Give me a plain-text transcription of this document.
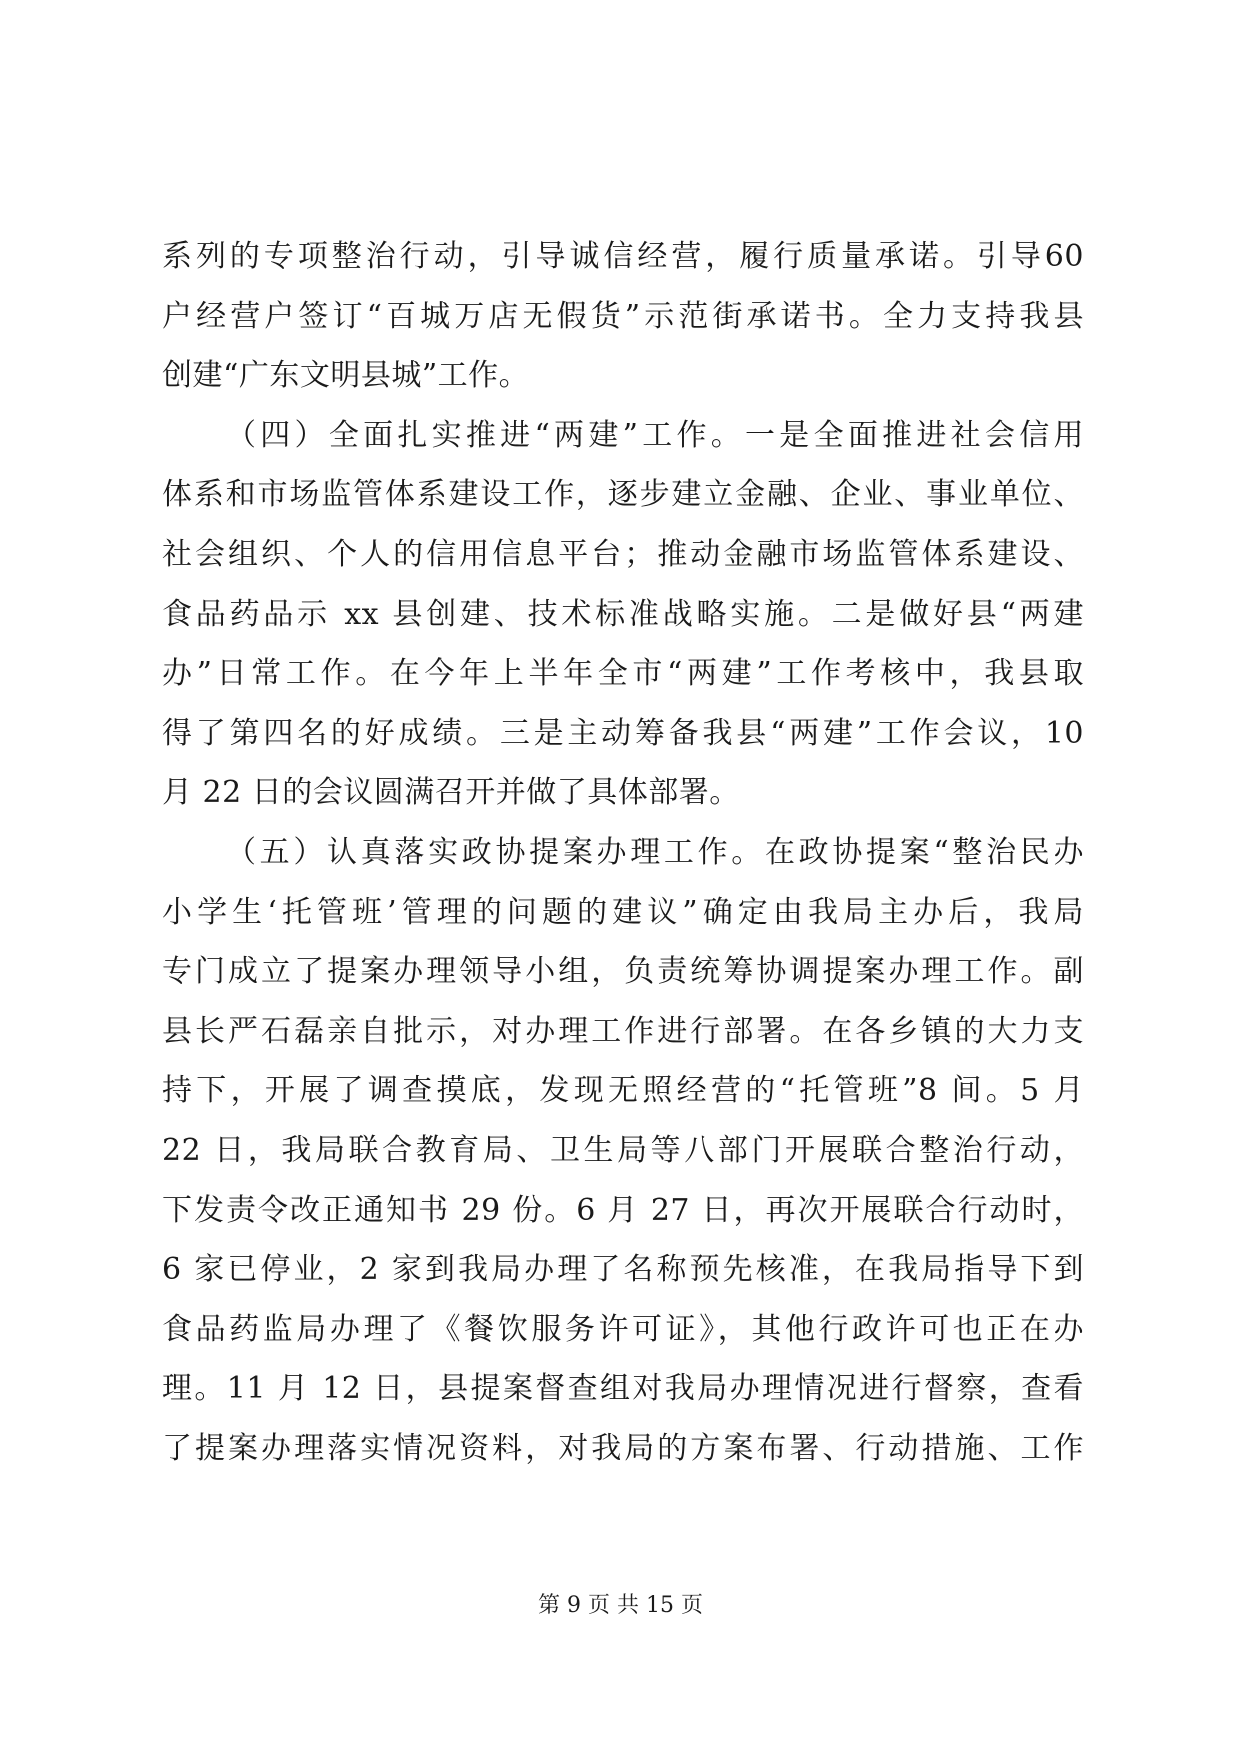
系列的专项整治行动，引导诚信经营，履行质量承诺。引导60
户经营户签订“百城万店无假货”示范街承诺书。全力支持我县
创建“广东文明县城”工作。
（四）全面扎实推进“两建”工作。一是全面推进社会信用
体系和市场监管体系建设工作，逐步建立金融、企业、事业单位、
社会组织、个人的信用信息平台；推动金融市场监管体系建设、
食品药品示 xx 县创建、技术标准战略实施。二是做好县“两建
办”日常工作。在今年上半年全市“两建”工作考核中，我县取
得了第四名的好成绩。三是主动筹备我县“两建”工作会议，10
月 22 日的会议圆满召开并做了具体部署。
（五）认真落实政协提案办理工作。在政协提案“整治民办
小学生‘托管班’管理的问题的建议”确定由我局主办后，我局
专门成立了提案办理领导小组，负责统筹协调提案办理工作。副
县长严石磊亲自批示，对办理工作进行部署。在各乡镇的大力支
持下，开展了调查摸底，发现无照经营的“托管班”8 间。5 月
22 日，我局联合教育局、卫生局等八部门开展联合整治行动，
下发责令改正通知书 29 份。6 月 27 日，再次开展联合行动时，
6 家已停业，2 家到我局办理了名称预先核准，在我局指导下到
食品药监局办理了《餐饮服务许可证》，其他行政许可也正在办
理。11 月 12 日，县提案督查组对我局办理情况进行督察，查看
了提案办理落实情况资料，对我局的方案布署、行动措施、工作
第 9 页 共 15 页
